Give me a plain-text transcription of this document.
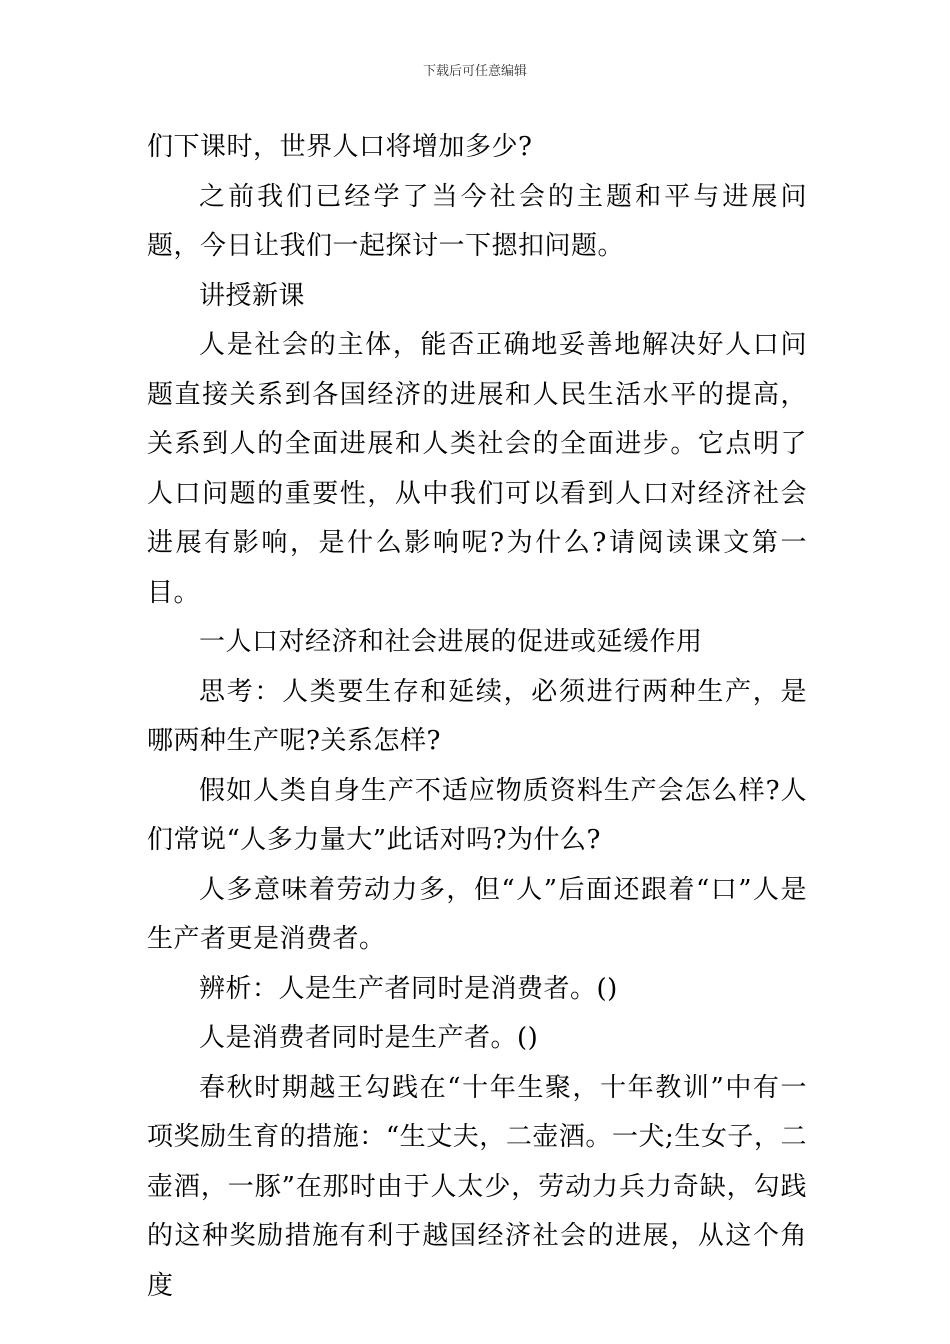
下载后可任意编辑

们下课时，世界人口将增加多少?

之前我们已经学了当今社会的主题和平与进展问题，今日让我们一起探讨一下摁扣问题。

讲授新课

人是社会的主体，能否正确地妥善地解决好人口问题直接关系到各国经济的进展和人民生活水平的提高，关系到人的全面进展和人类社会的全面进步。它点明了人口问题的重要性，从中我们可以看到人口对经济社会进展有影响，是什么影响呢?为什么?请阅读课文第一目。

一人口对经济和社会进展的促进或延缓作用

思考：人类要生存和延续，必须进行两种生产，是哪两种生产呢?关系怎样?

假如人类自身生产不适应物质资料生产会怎么样?人们常说“人多力量大”此话对吗?为什么?

人多意味着劳动力多，但“人”后面还跟着“口”人是生产者更是消费者。

辨析：人是生产者同时是消费者。()

人是消费者同时是生产者。()

春秋时期越王勾践在“十年生聚，十年教训”中有一项奖励生育的措施：“生丈夫，二壶酒。一犬;生女子，二壶酒，一豚”在那时由于人太少，劳动力兵力奇缺，勾践的这种奖励措施有利于越国经济社会的进展，从这个角度
